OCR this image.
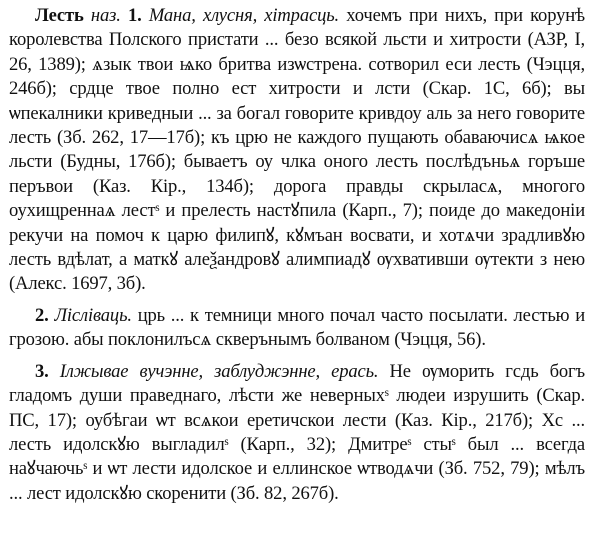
Лесть наз. 1. Мана, хлусня, хітрасць. хочемъ при нихъ, при корунѣ королевства Полского пристати ... безо всякой льсти и хитрости (АЗР, I, 26, 1389); ѧзык твои ѩко бритва изѡстрена. сотворил еси лесть (Чэцця, 246б); срдце твое полно ест хитрости и лсти (Скар. 1С, 6б); вы ѡпекалники криведныи ... за богал говорите кривдоу аль за него говорите лесть (Зб. 262, 17—17б); къ црю не каждого пущають обаваючисѧ ѩкое льсти (Будны, 176б); бываетъ оу члка оного лесть послѣдъньѧ горъше перъвои (Каз. Кір., 134б); дорога правды скрыласѧ, многого оухищреннаѧ лестˢ и прелесть настꙋпила (Карп., 7); поиде до македоніи рекучи на помоч к царю филипꙋ, кꙋмъан восвати, и хотѧчи зрадливꙋю лесть вдѣлат, а маткꙋ алеѯандровꙋ алимпиадꙋ ѹхвативши ѹтекти з нею (Алекс. 1697, 3б).

2. Лісліваць. црь ... к темници много почал часто посылати. лестью и грозою. абы поклонилъсѧ скверънымъ болваном (Чэцця, 56).

3. Ілжывае вучэнне, заблуджэнне, ерась. Не ѹморить гсдь богъ гладомъ души праведнаго, лѣсти же неверныхˢ людеи изрушить (Скар. ПС, 17); оубѣгаи ѡт всѧкои еретичскои лести (Каз. Кір., 217б); Хс ... лесть идолскꙋю выгладилˢ (Карп., 32); Дмитреˢ стыˢ был ... всегда наꙋчаючьˢ и ѡт лести идолское и еллинское ѡтводѧчи (Зб. 752, 79); мѣлъ ... лест идолскꙋю скоренити (Зб. 82, 267б).
